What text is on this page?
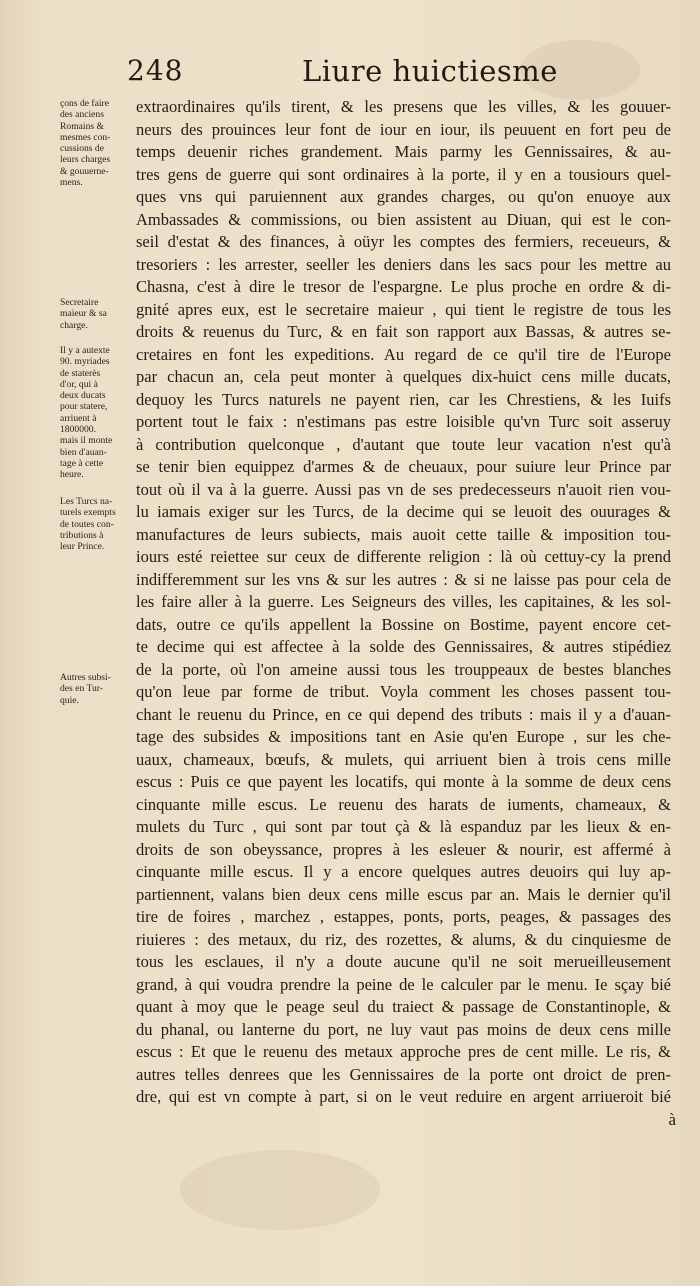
248	Liure huictiesme
çons de faire
des anciens
Romains &
mesmes con-
cussions de
leurs charges
& gouuerne-
mens.
Secretaire
maieur & sa
charge.
Il y a autexte
90. myriades
de staterès
d'or, qui à
deux ducats
pour statere,
arriuent à
1800000.
mais il monte
bien d'auan-
tage à cette
heure.
Les Turcs na-
turels exempts
de toutes con-
tributions à
leur Prince.
Autres subsi-
des en Tur-
quie.
extraordinaires qu'ils tirent, & les presens que les villes, & les gouuer-
neurs des prouinces leur font de iour en iour, ils peuuent en fort peu de
temps deuenir riches grandement. Mais parmy les Gennissaires, & au-
tres gens de guerre qui sont ordinaires à la porte, il y en a tousiours quel-
ques vns qui paruiennent aux grandes charges, ou qu'on enuoye aux
Ambassades & commissions, ou bien assistent au Diuan, qui est le con-
seil d'estat & des finances, à oüyr les comptes des fermiers, receueurs, &
tresoriers : les arrester, seeller les deniers dans les sacs pour les mettre au
Chasna, c'est à dire le tresor de l'espargne. Le plus proche en ordre & di-
gnité apres eux, est le secretaire maieur , qui tient le registre de tous les
droits & reuenus du Turc, & en fait son rapport aux Bassas, & autres se-
cretaires en font les expeditions. Au regard de ce qu'il tire de l'Europe
par chacun an, cela peut monter à quelques dix-huict cens mille ducats,
dequoy les Turcs naturels ne payent rien, car les Chrestiens, & les Iuifs
portent tout le faix : n'estimans pas estre loisible qu'vn Turc soit asseruy
à contribution quelconque , d'autant que toute leur vacation n'est qu'à
se tenir bien equippez d'armes & de cheuaux, pour suiure leur Prince par
tout où il va à la guerre. Aussi pas vn de ses predecesseurs n'auoit rien vou-
lu iamais exiger sur les Turcs, de la decime qui se leuoit des ouurages &
manufactures de leurs subiects, mais auoit cette taille & imposition tou-
iours esté reiettee sur ceux de differente religion : là où cettuy-cy la prend
indifferemment sur les vns & sur les autres : & si ne laisse pas pour cela de
les faire aller à la guerre. Les Seigneurs des villes, les capitaines, & les sol-
dats, outre ce qu'ils appellent la Bossine on Bostime, payent encore cet-
te decime qui est affectee à la solde des Gennissaires, & autres stipédiez
de la porte, où l'on ameine aussi tous les trouppeaux de bestes blanches
qu'on leue par forme de tribut. Voyla comment les choses passent tou-
chant le reuenu du Prince, en ce qui depend des tributs : mais il y a d'auan-
tage des subsides & impositions tant en Asie qu'en Europe , sur les che-
uaux, chameaux, bœufs, & mulets, qui arriuent bien à trois cens mille
escus : Puis ce que payent les locatifs, qui monte à la somme de deux cens
cinquante mille escus. Le reuenu des harats de iuments, chameaux, &
mulets du Turc , qui sont par tout çà & là espanduz par les lieux & en-
droits de son obeyssance, propres à les esleuer & nourir, est affermé à
cinquante mille escus. Il y a encore quelques autres deuoirs qui luy ap-
partiennent, valans bien deux cens mille escus par an. Mais le dernier qu'il
tire de foires , marchez , estappes, ponts, ports, peages, & passages des
riuieres : des metaux, du riz, des rozettes, & alums, & du cinquiesme de
tous les esclaues, il n'y a doute aucune qu'il ne soit merueilleusement
grand, à qui voudra prendre la peine de le calculer par le menu. Ie sçay bié
quant à moy que le peage seul du traiect & passage de Constantinople, &
du phanal, ou lanterne du port, ne luy vaut pas moins de deux cens mille
escus : Et que le reuenu des metaux approche pres de cent mille. Le ris, &
autres telles denrees que les Gennissaires de la porte ont droict de pren-
dre, qui est vn compte à part, si on le veut reduire en argent arriueroit bié
à
